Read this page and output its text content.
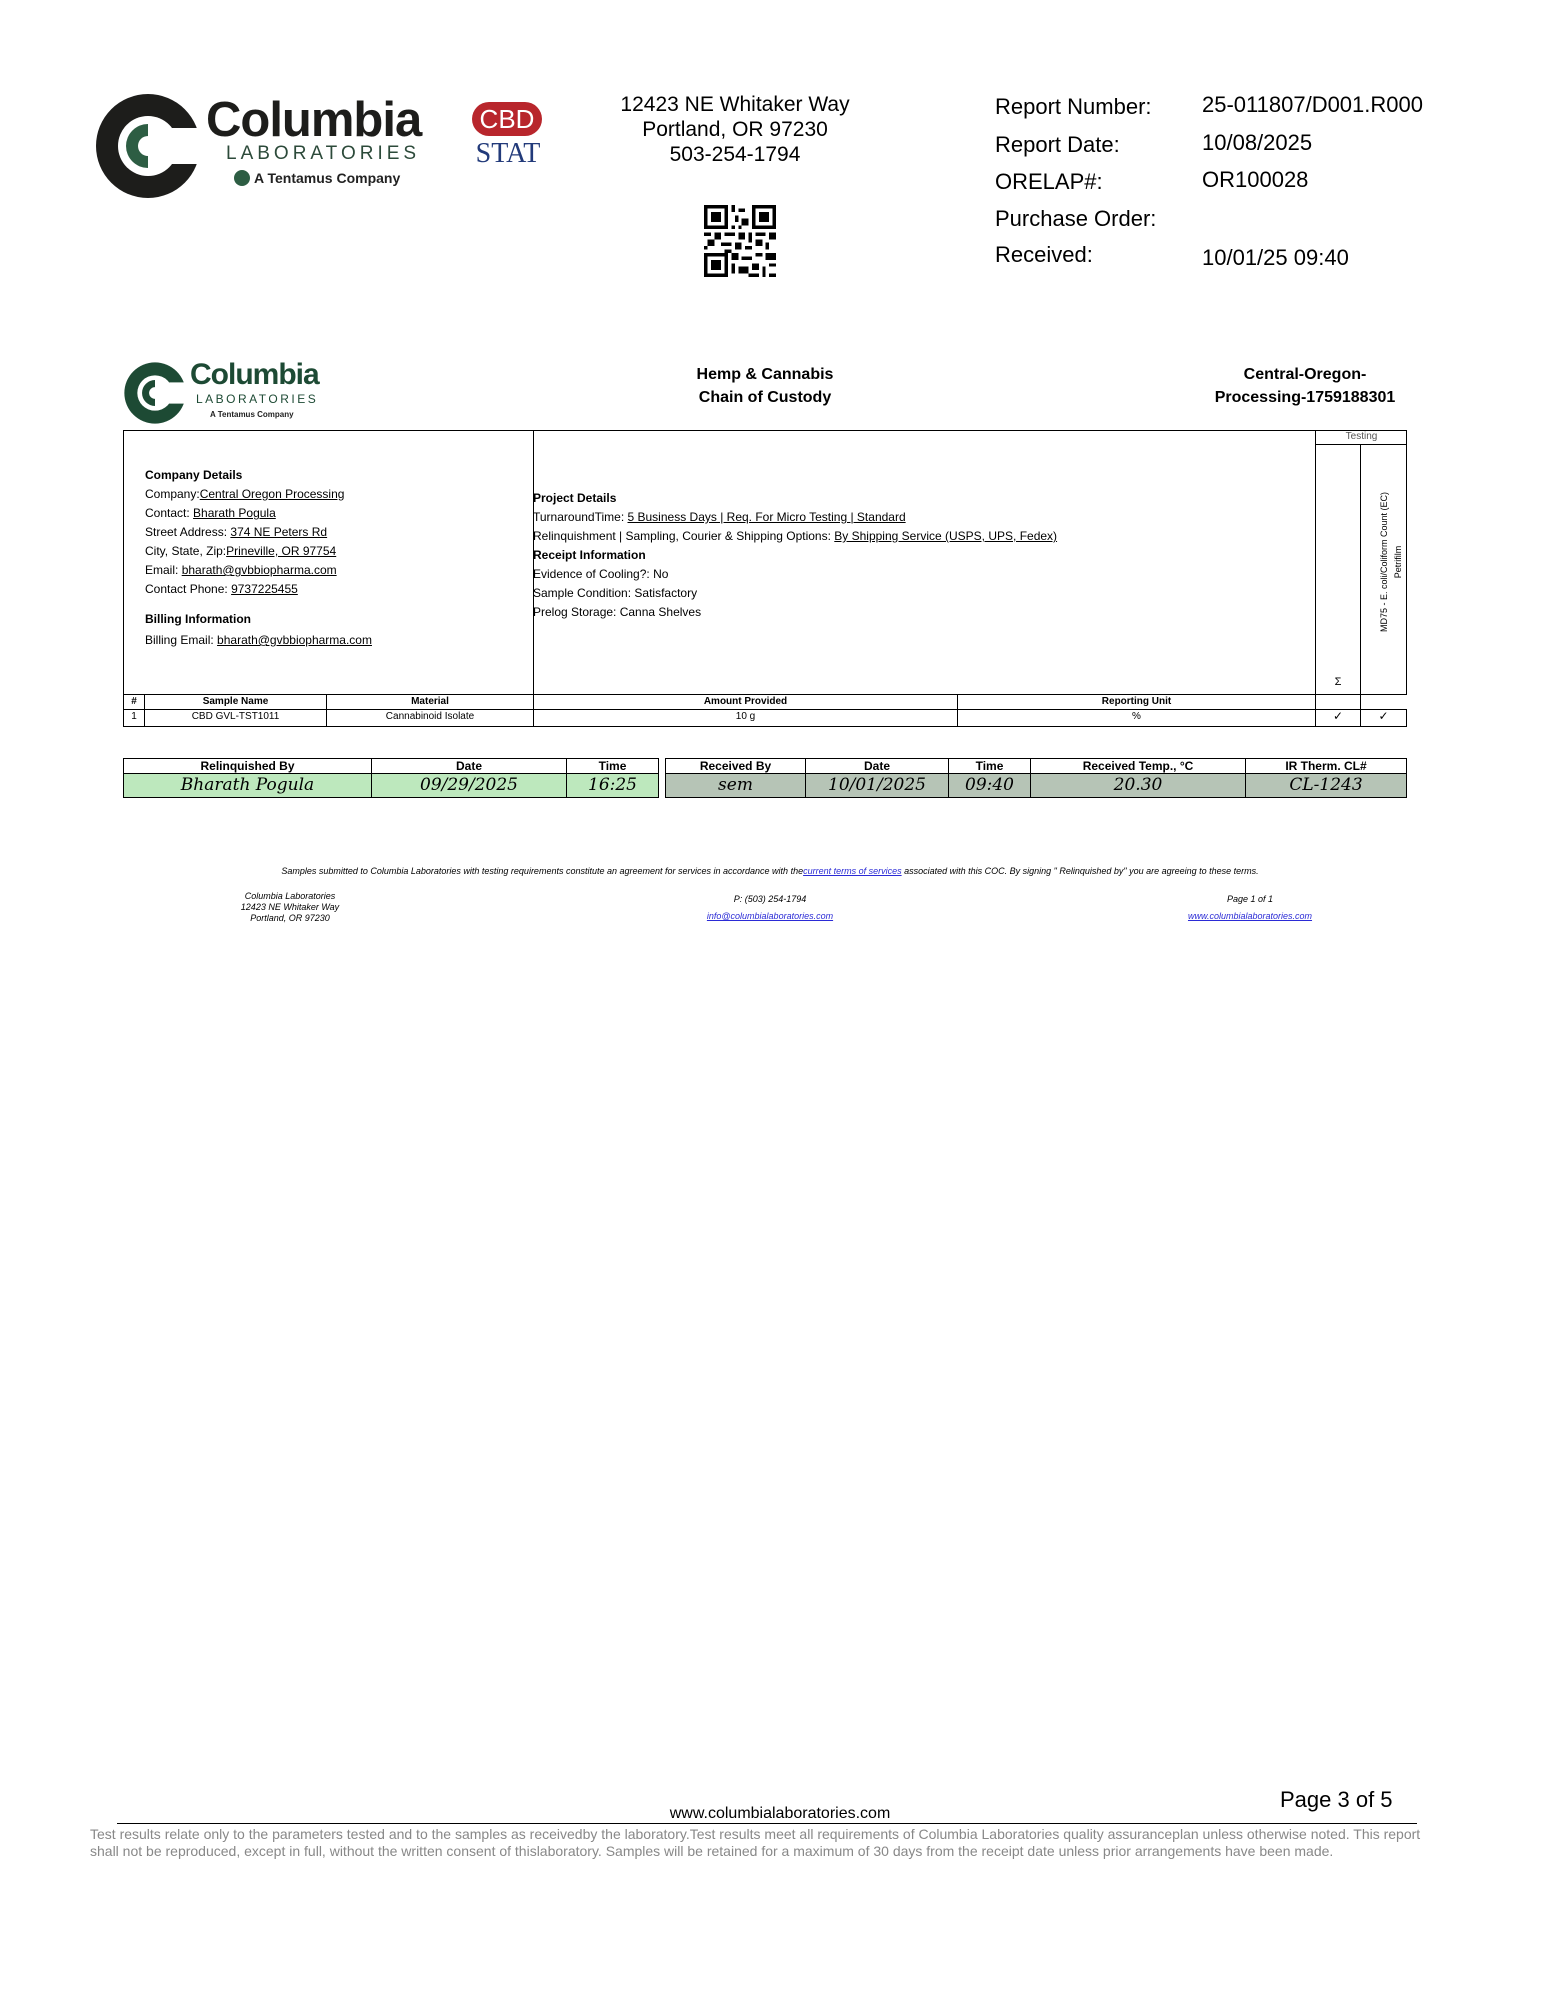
Columbia
LABORATORIES
A Tentamus Company
CBD
STAT
12423 NE Whitaker Way
Portland, OR 97230
503-254-1794
Report Number: 25-011807/D001.R000
Report Date:	10/08/2025
ORELAP#:	OR100028
Purchase Order:
Received:	10/01/25 09:40
Columbia
LABORATORIES
A Tentamus Company
Hemp & Cannabis
Chain of Custody
Central-Oregon-
Processing-1759188301
Testing
Σ
MD75 - E. coli/Coliform Count (EC) Petrifilm
Company Details
Company:Central Oregon Processing
Contact: Bharath Pogula
Street Address: 374 NE Peters Rd
City, State, Zip:Prineville, OR 97754
Email: bharath@gvbbiopharma.com
Contact Phone: 9737225455
Billing Information
Billing Email: bharath@gvbbiopharma.com
Project Details
TurnaroundTime: 5 Business Days | Req. For Micro Testing | Standard
Relinquishment | Sampling, Courier & Shipping Options: By Shipping Service (USPS, UPS, Fedex)
Receipt Information
Evidence of Cooling?: No
Sample Condition: Satisfactory
Prelog Storage: Canna Shelves
#	Sample Name	Material	Amount Provided	Reporting Unit
1	CBD GVL-TST1011	Cannabinoid Isolate	10 g	%	✓	✓
Relinquished By	Date	Time
Bharath Pogula	09/29/2025	16:25
Received By	Date	Time	Received Temp., °C	IR Therm. CL#
sem	10/01/2025	09:40	20.30	CL-1243
Samples submitted to Columbia Laboratories with testing requirements constitute an agreement for services in accordance with thecurrent terms of services associated with this COC. By signing " Relinquished by" you are agreeing to these terms.
Columbia Laboratories
12423 NE Whitaker Way
Portland, OR 97230
P: (503) 254-1794
info@columbialaboratories.com
Page 1 of 1
www.columbialaboratories.com
Page 3 of 5
www.columbialaboratories.com
Test results relate only to the parameters tested and to the samples as receivedby the laboratory.Test results meet all requirements of Columbia Laboratories quality assuranceplan unless otherwise noted. This report shall not be reproduced, except in full, without the written consent of thislaboratory. Samples will be retained for a maximum of 30 days from the receipt date unless prior arrangements have been made.
